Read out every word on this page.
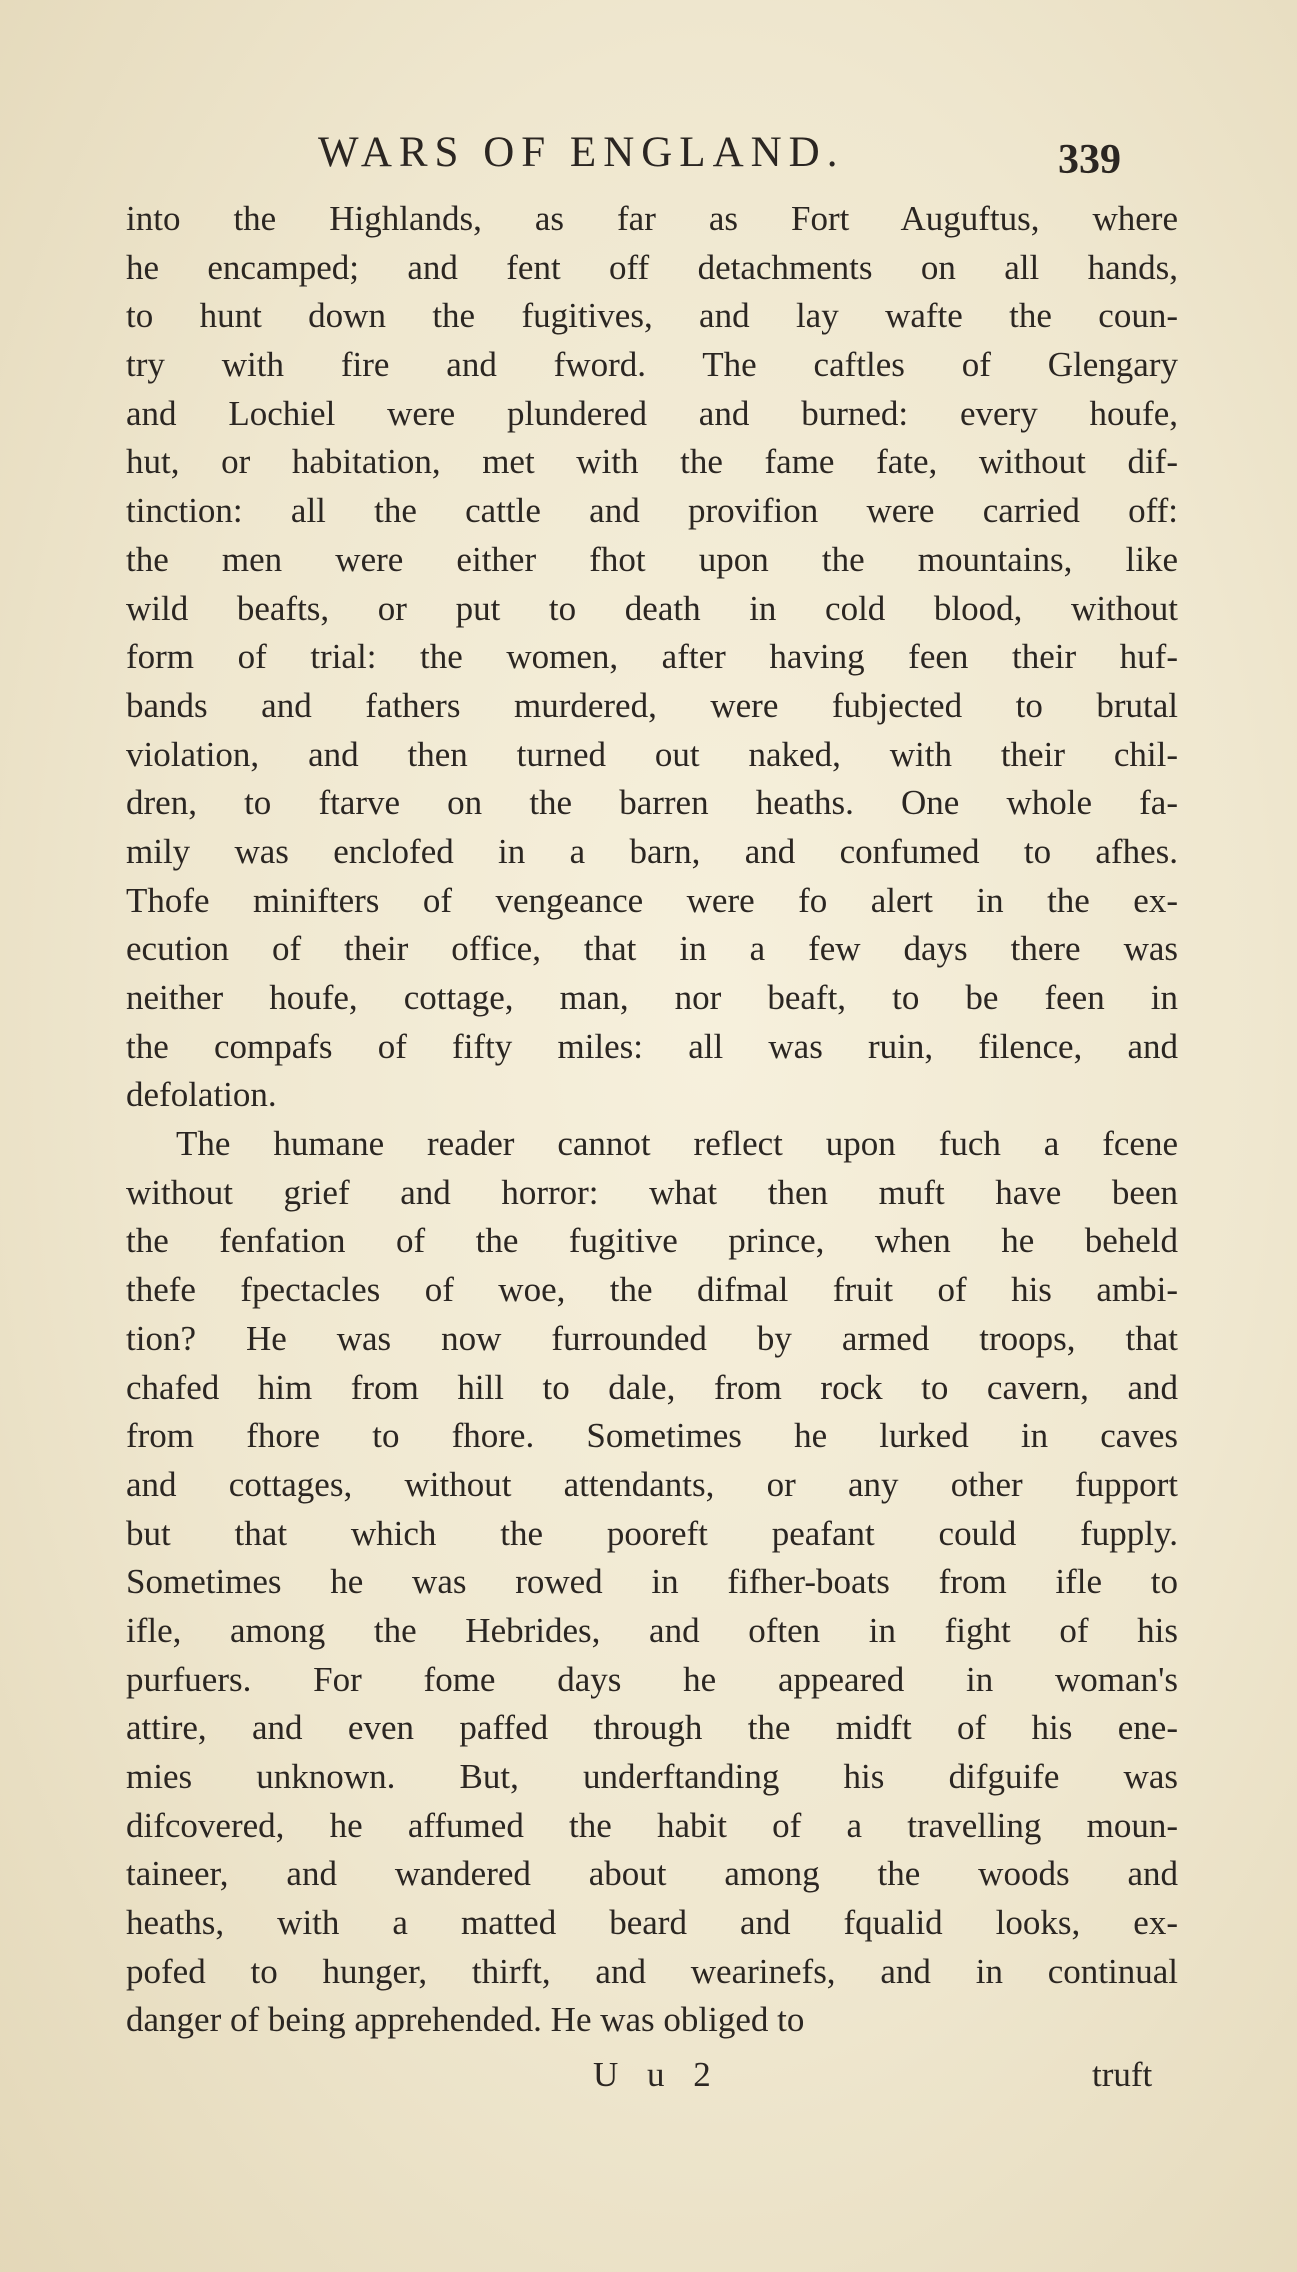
WARS OF ENGLAND.	339
into the Highlands, as far as Fort Auguftus, where
he encamped; and fent off detachments on all hands,
to hunt down the fugitives, and lay wafte the coun-
try with fire and fword. The caftles of Glengary
and Lochiel were plundered and burned: every houfe,
hut, or habitation, met with the fame fate, without dif-
tinction: all the cattle and provifion were carried off:
the men were either fhot upon the mountains, like
wild beafts, or put to death in cold blood, without
form of trial: the women, after having feen their huf-
bands and fathers murdered, were fubjected to brutal
violation, and then turned out naked, with their chil-
dren, to ftarve on the barren heaths. One whole fa-
mily was enclofed in a barn, and confumed to afhes.
Thofe minifters of vengeance were fo alert in the ex-
ecution of their office, that in a few days there was
neither houfe, cottage, man, nor beaft, to be feen in
the compafs of fifty miles: all was ruin, filence, and
defolation.
The humane reader cannot reflect upon fuch a fcene
without grief and horror: what then muft have been
the fenfation of the fugitive prince, when he beheld
thefe fpectacles of woe, the difmal fruit of his ambi-
tion? He was now furrounded by armed troops, that
chafed him from hill to dale, from rock to cavern, and
from fhore to fhore. Sometimes he lurked in caves
and cottages, without attendants, or any other fupport
but that which the pooreft peafant could fupply.
Sometimes he was rowed in fifher-boats from ifle to
ifle, among the Hebrides, and often in fight of his
purfuers. For fome days he appeared in woman's
attire, and even paffed through the midft of his ene-
mies unknown. But, underftanding his difguife was
difcovered, he affumed the habit of a travelling moun-
taineer, and wandered about among the woods and
heaths, with a matted beard and fqualid looks, ex-
pofed to hunger, thirft, and wearinefs, and in continual
danger of being apprehended. He was obliged to
U u 2	truft
